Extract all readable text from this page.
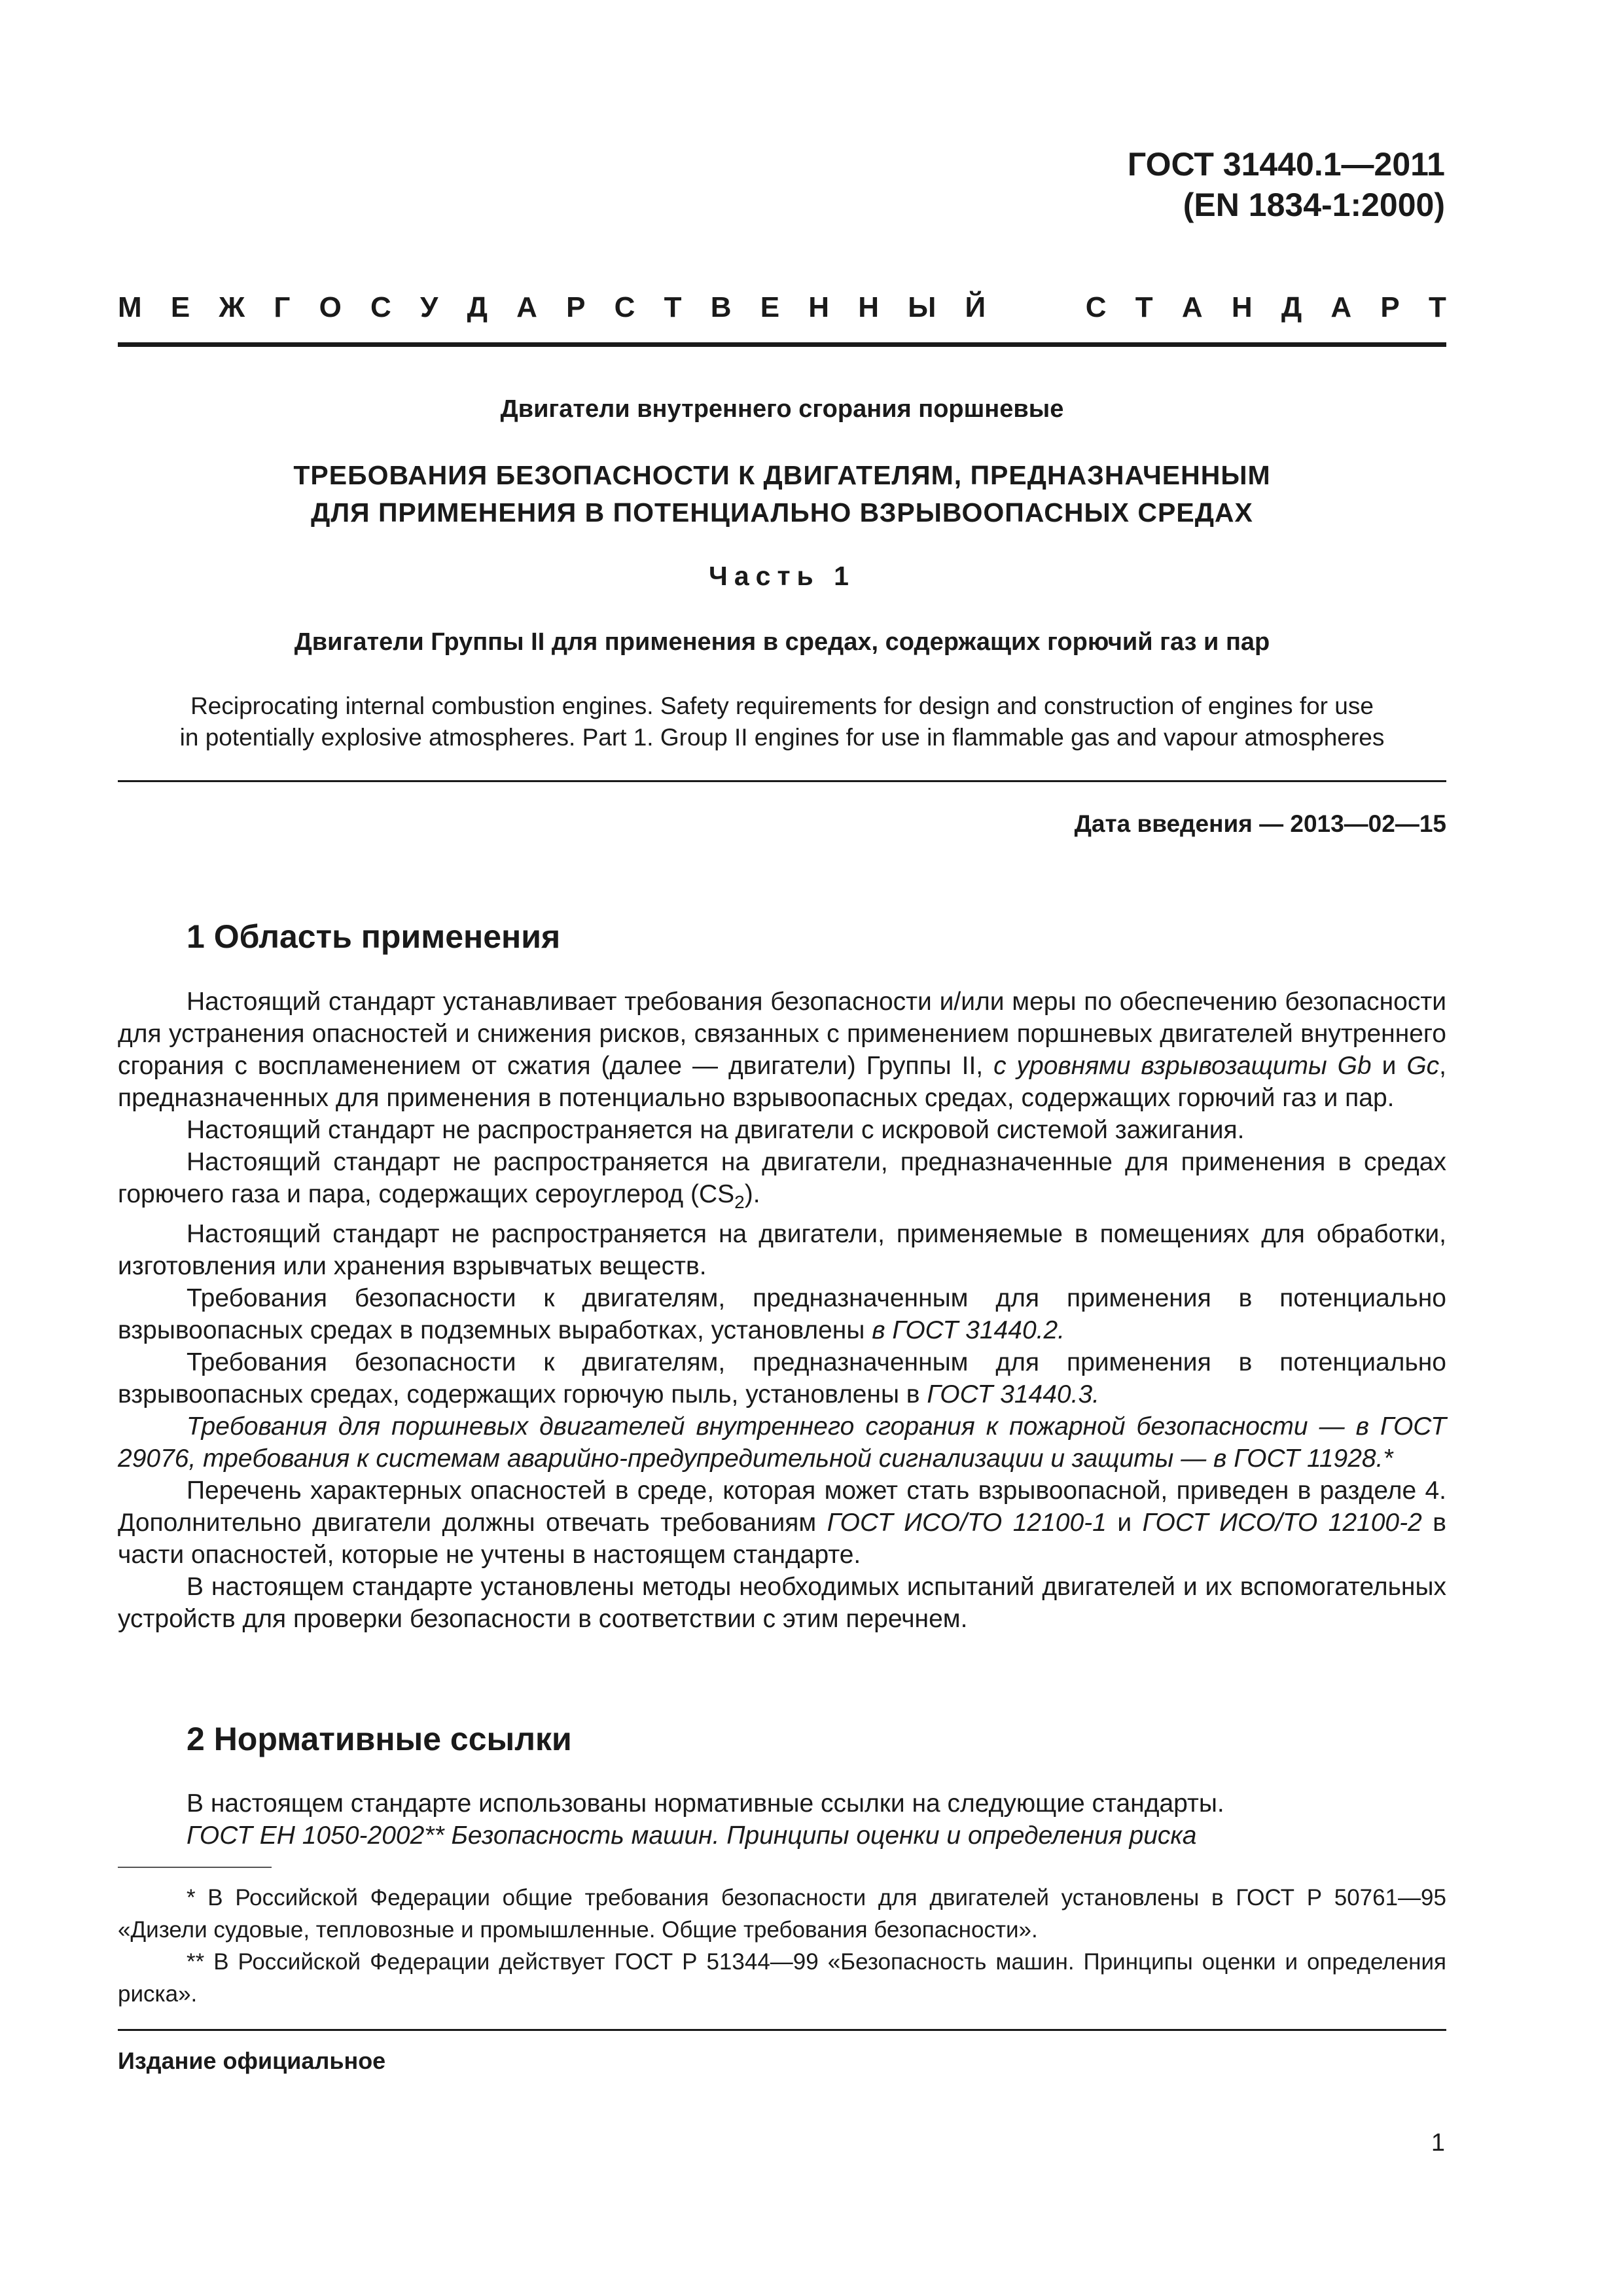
ГОСТ 31440.1—2011
(EN 1834-1:2000)
М Е Ж Г О С У Д А Р С Т В Е Н Н Ы Й	С Т А Н Д А Р Т
Двигатели внутреннего сгорания поршневые
ТРЕБОВАНИЯ БЕЗОПАСНОСТИ К ДВИГАТЕЛЯМ, ПРЕДНАЗНАЧЕННЫМ
ДЛЯ ПРИМЕНЕНИЯ В ПОТЕНЦИАЛЬНО ВЗРЫВООПАСНЫХ СРЕДАХ
Часть 1
Двигатели Группы II для применения в средах, содержащих горючий газ и пар
Reciprocating internal combustion engines. Safety requirements for design and construction of engines for use
in potentially explosive atmospheres. Part 1. Group II engines for use in flammable gas and vapour atmospheres
Дата введения — 2013—02—15
1 Область применения

Настоящий стандарт устанавливает требования безопасности и/или меры по обеспечению безопасности для устранения опасностей и снижения рисков, связанных с применением поршневых двигателей внутреннего сгорания с воспламенением от сжатия (далее — двигатели) Группы II, с уровнями взрывозащиты Gb и Gc, предназначенных для применения в потенциально взрывоопасных средах, содержащих горючий газ и пар.

Настоящий стандарт не распространяется на двигатели с искровой системой зажигания.

Настоящий стандарт не распространяется на двигатели, предназначенные для применения в средах горючего газа и пара, содержащих сероуглерод $(CS_2)$.

Настоящий стандарт не распространяется на двигатели, применяемые в помещениях для обработки, изготовления или хранения взрывчатых веществ.

Требования безопасности к двигателям, предназначенным для применения в потенциально взрывоопасных средах в подземных выработках, установлены в ГОСТ 31440.2.

Требования безопасности к двигателям, предназначенным для применения в потенциально взрывоопасных средах, содержащих горючую пыль, установлены в ГОСТ 31440.3.

Требования для поршневых двигателей внутреннего сгорания к пожарной безопасности — в ГОСТ 29076, требования к системам аварийно-предупредительной сигнализации и защиты — в ГОСТ 11928.*

Перечень характерных опасностей в среде, которая может стать взрывоопасной, приведен в разделе 4. Дополнительно двигатели должны отвечать требованиям ГОСТ ИСО/ТО 12100-1 и ГОСТ ИСО/ТО 12100-2 в части опасностей, которые не учтены в настоящем стандарте.

В настоящем стандарте установлены методы необходимых испытаний двигателей и их вспомогательных устройств для проверки безопасности в соответствии с этим перечнем.

2 Нормативные ссылки

В настоящем стандарте использованы нормативные ссылки на следующие стандарты.

ГОСТ ЕН 1050-2002** Безопасность машин. Принципы оценки и определения риска

* В Российской Федерации общие требования безопасности для двигателей установлены в ГОСТ Р 50761—95 «Дизели судовые, тепловозные и промышленные. Общие требования безопасности».

** В Российской Федерации действует ГОСТ Р 51344—99 «Безопасность машин. Принципы оценки и определения риска».

Издание официальное
1
